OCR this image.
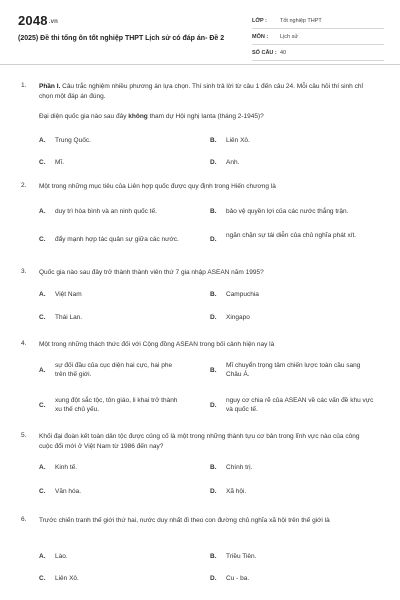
2048.vn
(2025) Đề thi tổng ôn tốt nghiệp THPT Lịch sử có đáp án- Đề 2
LỚP :	Tốt nghiệp THPT
MÔN :	Lịch sử
SỐ CÂU : 40
1. Phần I. Câu trắc nghiệm nhiều phương án lựa chọn. Thí sinh trả lời từ câu 1 đến câu 24. Mỗi câu hỏi thí sinh chỉ chọn một đáp án đúng.
Đại diện quốc gia nào sau đây không tham dự Hội nghị Ianta (tháng 2-1945)?
A. Trung Quốc.	B. Liên Xô.
C. Mĩ.	D. Anh.
2. Một trong những mục tiêu của Liên hợp quốc được quy định trong Hiến chương là
A. duy trì hòa bình và an ninh quốc tế.	B. bảo vệ quyền lợi của các nước thắng trận.
C. đẩy mạnh hợp tác quân sự giữa các nước.	D.
ngăn chặn sự tái diễn của chủ nghĩa phát xít.
3. Quốc gia nào sau đây trở thành thành viên thứ 7 gia nhập ASEAN năm 1995?
A. Việt Nam	B. Campuchia
C. Thái Lan.	D. Xingapo
4. Một trong những thách thức đối với Cộng đồng ASEAN trong bối cảnh hiện nay là
A.
sự đối đầu của cục diện hai cực, hai phe trên thế giới.
B.
Mĩ chuyển trọng tâm chiến lược toàn cầu sang Châu Á.
C.
xung đột sắc tộc, tôn giáo, li khai trở thành xu thế chủ yếu.
D.
nguy cơ chia rẽ của ASEAN về các vấn đề khu vực và quốc tế.
5. Khối đại đoàn kết toàn dân tộc được củng cố là một trong những thành tựu cơ bản trong lĩnh vực nào của công cuộc đổi mới ở Việt Nam từ 1986 đến nay?
A. Kinh tế.	B. Chính trị.
C. Văn hóa.	D. Xã hội.
6. Trước chiến tranh thế giới thứ hai, nước duy nhất đi theo con đường chủ nghĩa xã hội trên thế giới là
A. Lào.	B. Triều Tiên.
C. Liên Xô.	D. Cu - ba.
